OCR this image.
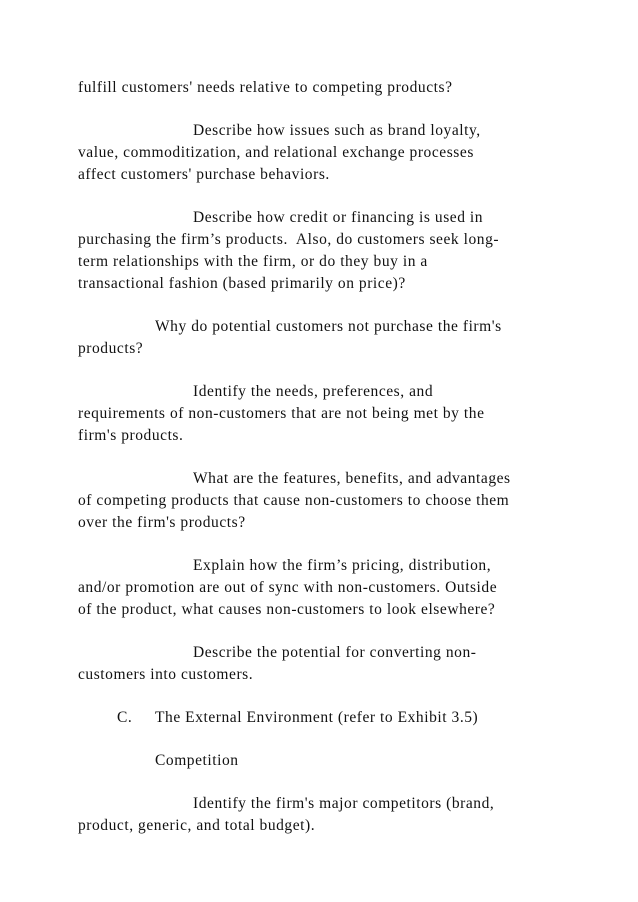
fulfill customers' needs relative to competing products?
Describe how issues such as brand loyalty,
value, commoditization, and relational exchange processes
affect customers' purchase behaviors.
Describe how credit or financing is used in
purchasing the firm’s products.  Also, do customers seek long-
term relationships with the firm, or do they buy in a
transactional fashion (based primarily on price)?
Why do potential customers not purchase the firm's
products?
Identify the needs, preferences, and
requirements of non-customers that are not being met by the
firm's products.
What are the features, benefits, and advantages
of competing products that cause non-customers to choose them
over the firm's products?
Explain how the firm’s pricing, distribution,
and/or promotion are out of sync with non-customers. Outside
of the product, what causes non-customers to look elsewhere?
Describe the potential for converting non-
customers into customers.
C. The External Environment (refer to Exhibit 3.5)
Competition
Identify the firm's major competitors (brand,
product, generic, and total budget).
